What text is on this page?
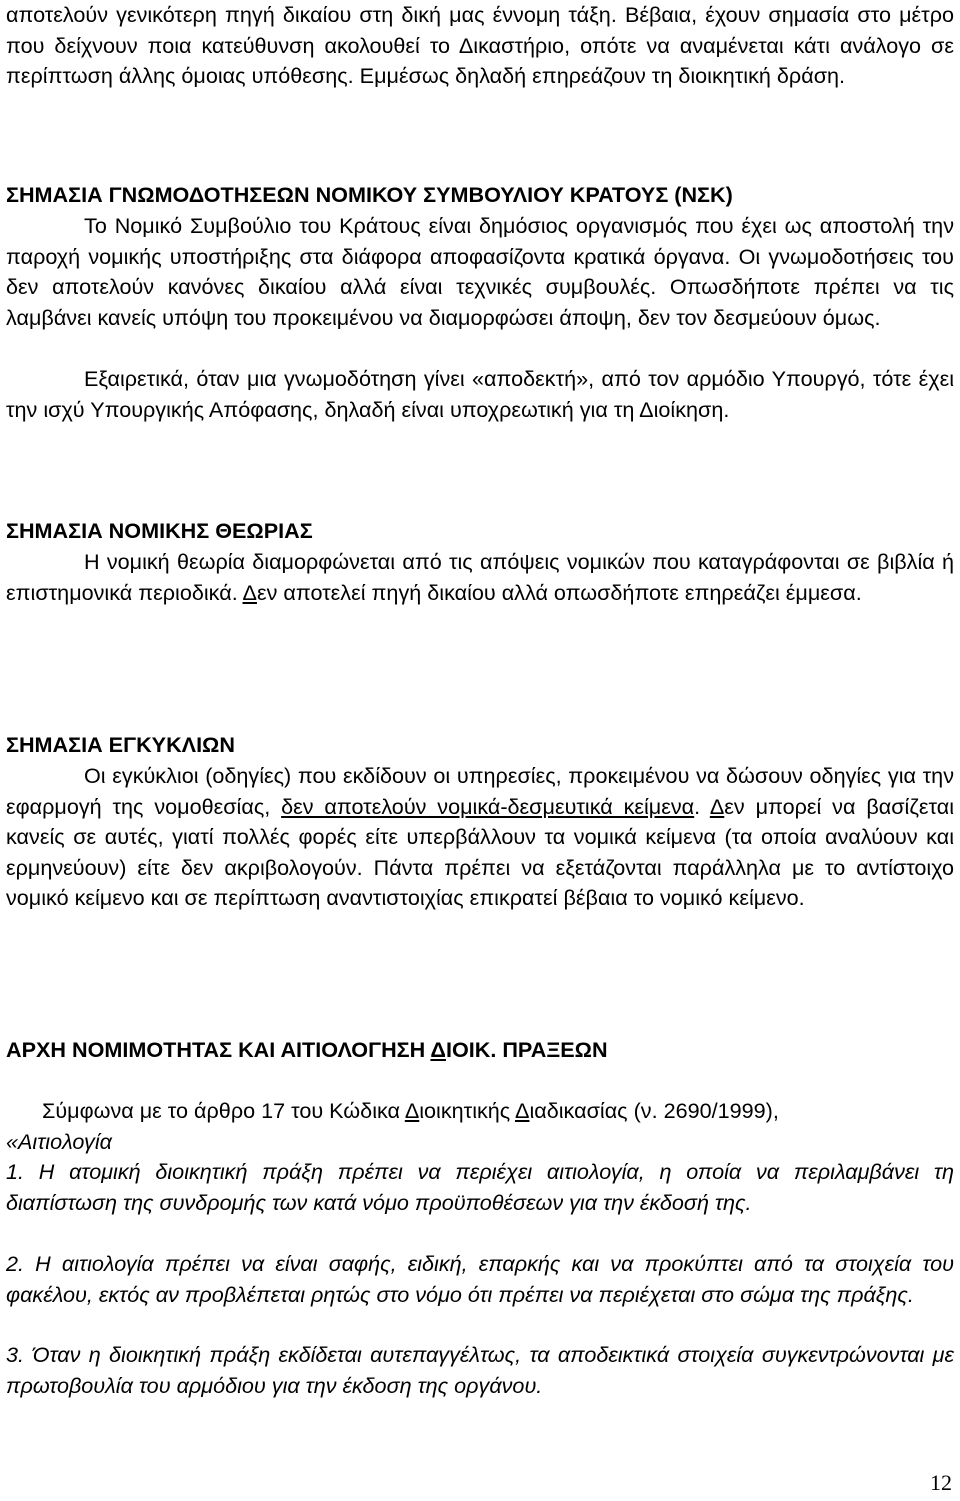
αποτελούν γενικότερη πηγή δικαίου στη δική μας έννομη τάξη. Βέβαια, έχουν σημασία στο μέτρο που δείχνουν ποια κατεύθυνση ακολουθεί το Δικαστήριο, οπότε να αναμένεται κάτι ανάλογο σε περίπτωση άλλης όμοιας υπόθεσης. Εμμέσως δηλαδή επηρεάζουν τη διοικητική δράση.

ΣΗΜΑΣΙΑ ΓΝΩΜΟΔΟΤΗΣΕΩΝ ΝΟΜΙΚΟΥ ΣΥΜΒΟΥΛΙΟΥ ΚΡΑΤΟΥΣ (ΝΣΚ)

Το Νομικό Συμβούλιο του Κράτους είναι δημόσιος οργανισμός που έχει ως αποστολή την παροχή νομικής υποστήριξης στα διάφορα αποφασίζοντα κρατικά όργανα. Οι γνωμοδοτήσεις του δεν αποτελούν κανόνες δικαίου αλλά είναι τεχνικές συμβουλές. Οπωσδήποτε πρέπει να τις λαμβάνει κανείς υπόψη του προκειμένου να διαμορφώσει άποψη, δεν τον δεσμεύουν όμως.

Εξαιρετικά, όταν μια γνωμοδότηση γίνει «αποδεκτή», από τον αρμόδιο Υπουργό, τότε έχει την ισχύ Υπουργικής Απόφασης, δηλαδή είναι υποχρεωτική για τη Διοίκηση.

ΣΗΜΑΣΙΑ ΝΟΜΙΚΗΣ ΘΕΩΡΙΑΣ

Η νομική θεωρία διαμορφώνεται από τις απόψεις νομικών που καταγράφονται σε βιβλία ή επιστημονικά περιοδικά. Δεν αποτελεί πηγή δικαίου αλλά οπωσδήποτε επηρεάζει έμμεσα.

ΣΗΜΑΣΙΑ ΕΓΚΥΚΛΙΩΝ

Οι εγκύκλιοι (οδηγίες) που εκδίδουν οι υπηρεσίες, προκειμένου να δώσουν οδηγίες για την εφαρμογή της νομοθεσίας, δεν αποτελούν νομικά-δεσμευτικά κείμενα. Δεν μπορεί να βασίζεται κανείς σε αυτές, γιατί πολλές φορές είτε υπερβάλλουν τα νομικά κείμενα (τα οποία αναλύουν και ερμηνεύουν) είτε δεν ακριβολογούν. Πάντα πρέπει να εξετάζονται παράλληλα με το αντίστοιχο νομικό κείμενο και σε περίπτωση αναντιστοιχίας επικρατεί βέβαια το νομικό κείμενο.

ΑΡΧΗ ΝΟΜΙΜΟΤΗΤΑΣ ΚΑΙ ΑΙΤΙΟΛΟΓΗΣΗ ΔΙΟΙΚ. ΠΡΑΞΕΩΝ

Σύμφωνα με το άρθρο 17 του Κώδικα Διοικητικής Διαδικασίας (ν. 2690/1999),

«Αιτιολογία

1. Η ατομική διοικητική πράξη πρέπει να περιέχει αιτιολογία, η οποία να περιλαμβάνει τη διαπίστωση της συνδρομής των κατά νόμο προϋποθέσεων για την έκδοσή της.

2. Η αιτιολογία πρέπει να είναι σαφής, ειδική, επαρκής και να προκύπτει από τα στοιχεία του φακέλου, εκτός αν προβλέπεται ρητώς στο νόμο ότι πρέπει να περιέχεται στο σώμα της πράξης.

3. Όταν η διοικητική πράξη εκδίδεται αυτεπαγγέλτως, τα αποδεικτικά στοιχεία συγκεντρώνονται με πρωτοβουλία του αρμόδιου για την έκδοση της οργάνου.

12
